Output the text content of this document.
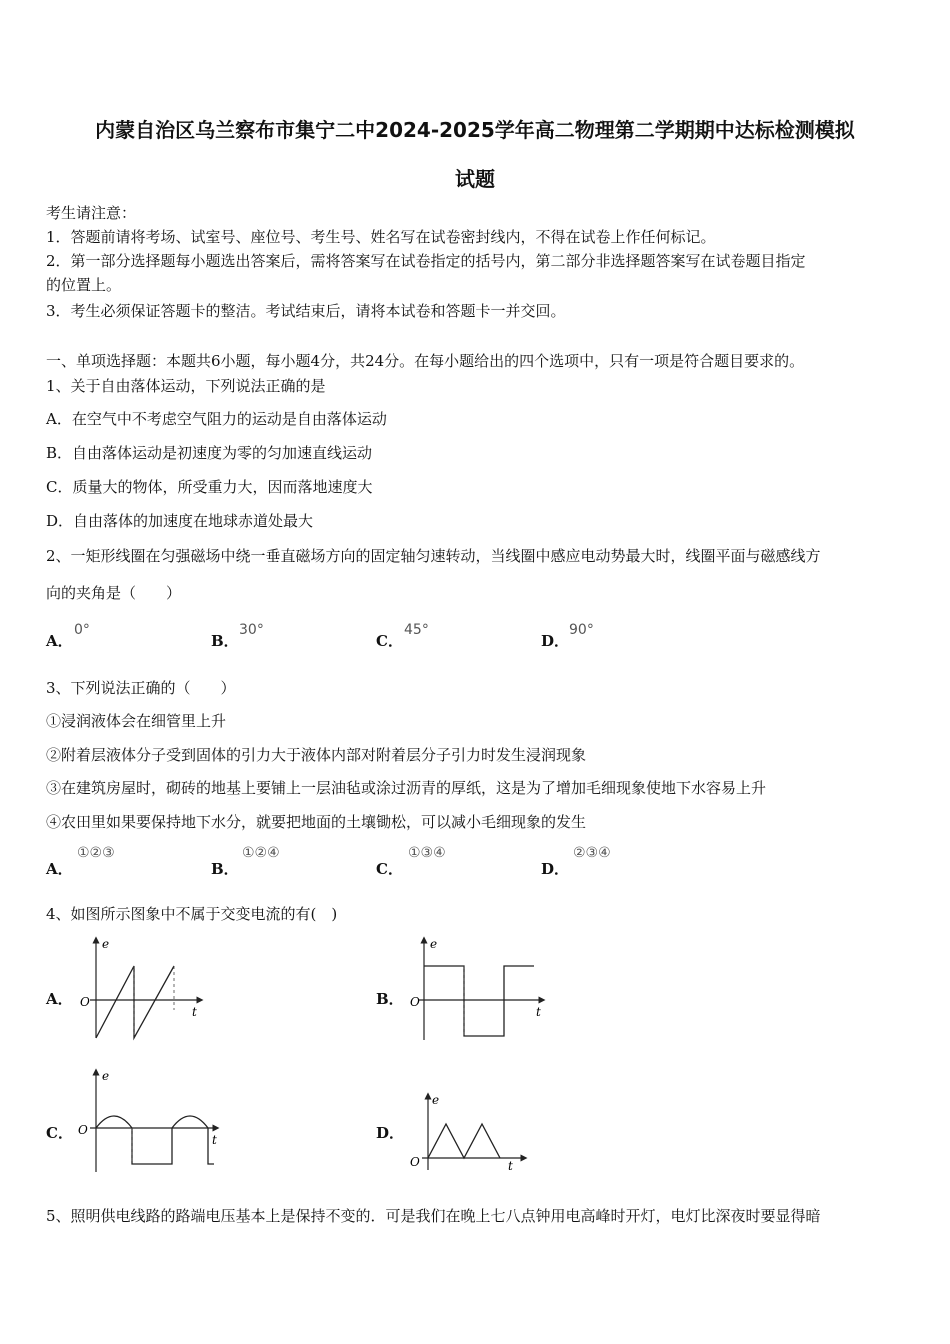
内蒙自治区乌兰察布市集宁二中2024-2025学年高二物理第二学期期中达标检测模拟
试题
考生请注意：
1．答题前请将考场、试室号、座位号、考生号、姓名写在试卷密封线内，不得在试卷上作任何标记。
2．第一部分选择题每小题选出答案后，需将答案写在试卷指定的括号内，第二部分非选择题答案写在试卷题目指定
的位置上。
3．考生必须保证答题卡的整洁。考试结束后，请将本试卷和答题卡一并交回。
一、单项选择题：本题共6小题，每小题4分，共24分。在每小题给出的四个选项中，只有一项是符合题目要求的。
1、关于自由落体运动，下列说法正确的是
A．在空气中不考虑空气阻力的运动是自由落体运动
B．自由落体运动是初速度为零的匀加速直线运动
C．质量大的物体，所受重力大，因而落地速度大
D．自由落体的加速度在地球赤道处最大
2、一矩形线圈在匀强磁场中绕一垂直磁场方向的固定轴匀速转动，当线圈中感应电动势最大时，线圈平面与磁感线方
向的夹角是（　　）
A．
0°
B．
30°
C．
45°
D．
90°
3、下列说法正确的（　　）
①浸润液体会在细管里上升
②附着层液体分子受到固体的引力大于液体内部对附着层分子引力时发生浸润现象
③在建筑房屋时，砌砖的地基上要铺上一层油毡或涂过沥青的厚纸，这是为了增加毛细现象使地下水容易上升
④农田里如果要保持地下水分，就要把地面的土壤锄松，可以减小毛细现象的发生
A．
①②③
B．
①②④
C．
①③④
D．
②③④
4、如图所示图象中不属于交变电流的有(　)
A．
e
O
t
B．
e
O
t
C．
e
O
t	D．
e
O	t
5、照明供电线路的路端电压基本上是保持不变的．可是我们在晚上七八点钟用电高峰时开灯，电灯比深夜时要显得暗
